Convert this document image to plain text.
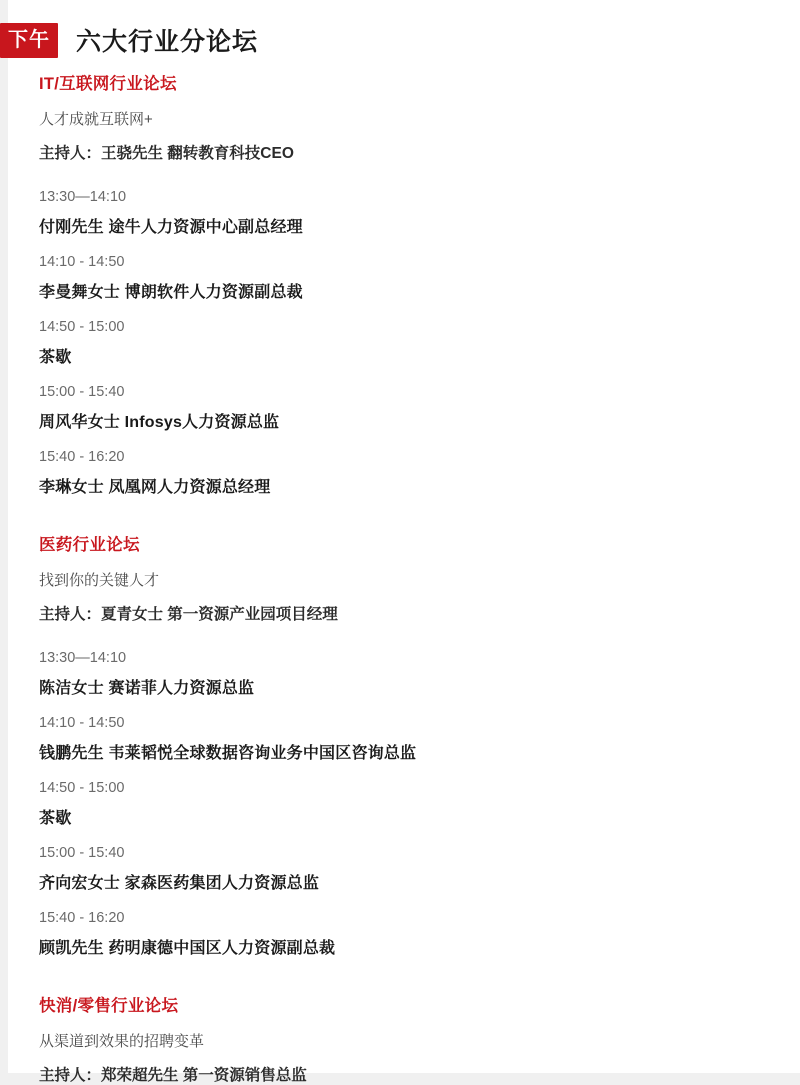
下午	六大行业分论坛
IT/互联网行业论坛
人才成就互联网+
主持人：王骁先生 翻转教育科技CEO
13:30—14:10
付刚先生 途牛人力资源中心副总经理
14:10 - 14:50
李曼舞女士 博朗软件人力资源副总裁
14:50 - 15:00
茶歇
15:00 - 15:40
周风华女士 Infosys人力资源总监
15:40 - 16:20
李琳女士 凤凰网人力资源总经理
医药行业论坛
找到你的关键人才
主持人：夏青女士 第一资源产业园项目经理
13:30—14:10
陈洁女士 赛诺菲人力资源总监
14:10 - 14:50
钱鹏先生 韦莱韬悦全球数据咨询业务中国区咨询总监
14:50 - 15:00
茶歇
15:00 - 15:40
齐向宏女士 家森医药集团人力资源总监
15:40 - 16:20
顾凯先生 药明康德中国区人力资源副总裁
快消/零售行业论坛
从渠道到效果的招聘变革
主持人：郑荣超先生 第一资源销售总监
